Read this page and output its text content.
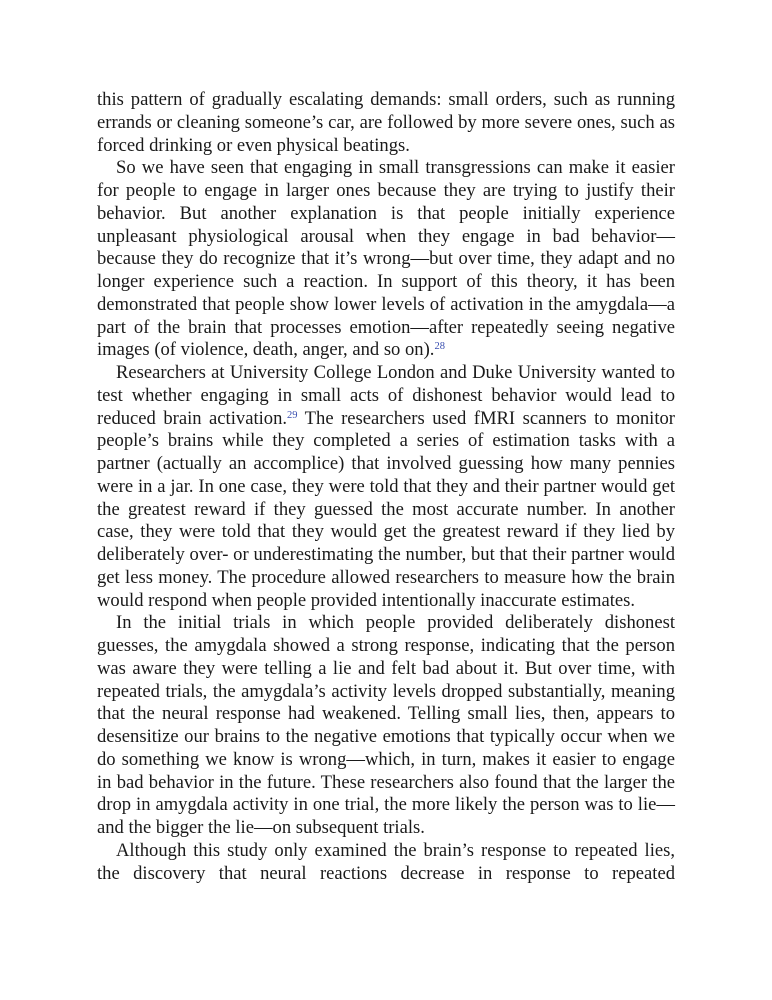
this pattern of gradually escalating demands: small orders, such as running errands or cleaning someone’s car, are followed by more severe ones, such as forced drinking or even physical beatings.

So we have seen that engaging in small transgressions can make it easier for people to engage in larger ones because they are trying to justify their behavior. But another explanation is that people initially experience unpleasant physiological arousal when they engage in bad behavior—because they do recognize that it’s wrong—but over time, they adapt and no longer experience such a reaction. In support of this theory, it has been demonstrated that people show lower levels of activation in the amygdala—a part of the brain that processes emotion—after repeatedly seeing negative images (of violence, death, anger, and so on).$^{28}$

Researchers at University College London and Duke University wanted to test whether engaging in small acts of dishonest behavior would lead to reduced brain activation.$^{29}$ The researchers used fMRI scanners to monitor people’s brains while they completed a series of estimation tasks with a partner (actually an accomplice) that involved guessing how many pennies were in a jar. In one case, they were told that they and their partner would get the greatest reward if they guessed the most accurate number. In another case, they were told that they would get the greatest reward if they lied by deliberately over- or underestimating the number, but that their partner would get less money. The procedure allowed researchers to measure how the brain would respond when people provided intentionally inaccurate estimates.

In the initial trials in which people provided deliberately dishonest guesses, the amygdala showed a strong response, indicating that the person was aware they were telling a lie and felt bad about it. But over time, with repeated trials, the amygdala’s activity levels dropped substantially, meaning that the neural response had weakened. Telling small lies, then, appears to desensitize our brains to the negative emotions that typically occur when we do something we know is wrong—which, in turn, makes it easier to engage in bad behavior in the future. These researchers also found that the larger the drop in amygdala activity in one trial, the more likely the person was to lie—and the bigger the lie—on subsequent trials.

Although this study only examined the brain’s response to repeated lies, the discovery that neural reactions decrease in response to repeated
